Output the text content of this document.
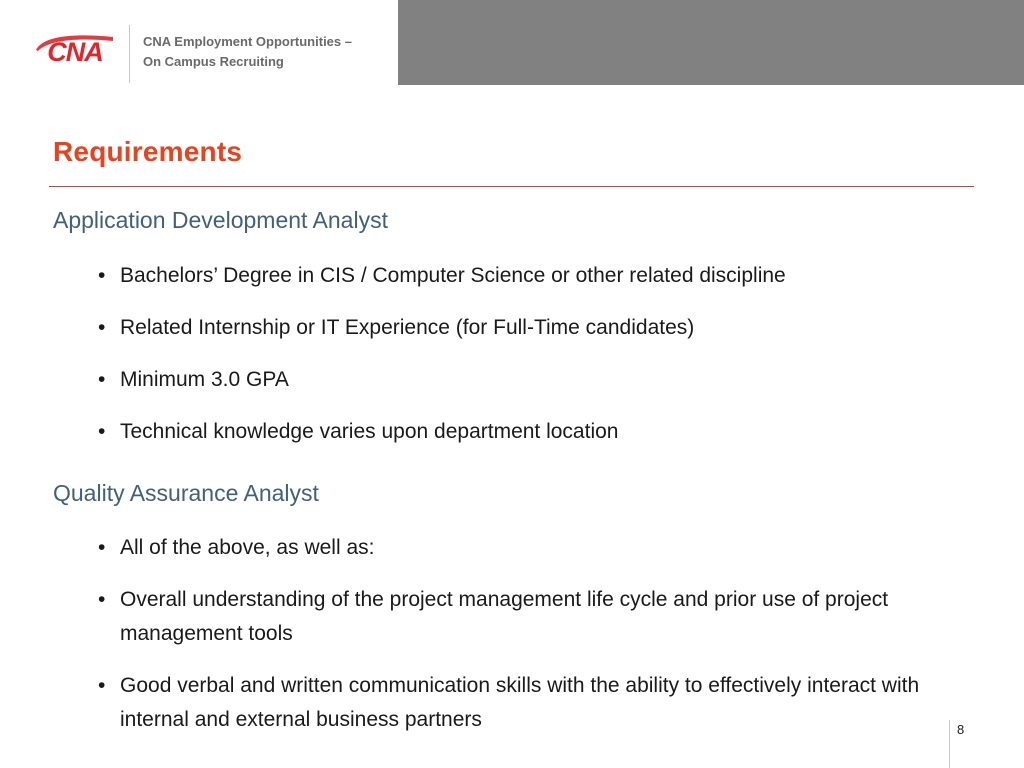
CNA	CNA Employment Opportunities –
On Campus Recruiting
Requirements
Application Development Analyst
• Bachelors’ Degree in CIS / Computer Science or other related discipline
• Related Internship or IT Experience (for Full-Time candidates)
• Minimum 3.0 GPA
• Technical knowledge varies upon department location
Quality Assurance Analyst
• All of the above, as well as:
• Overall understanding of the project management life cycle and prior use of project management tools
• Good verbal and written communication skills with the ability to effectively interact with internal and external business partners	8
